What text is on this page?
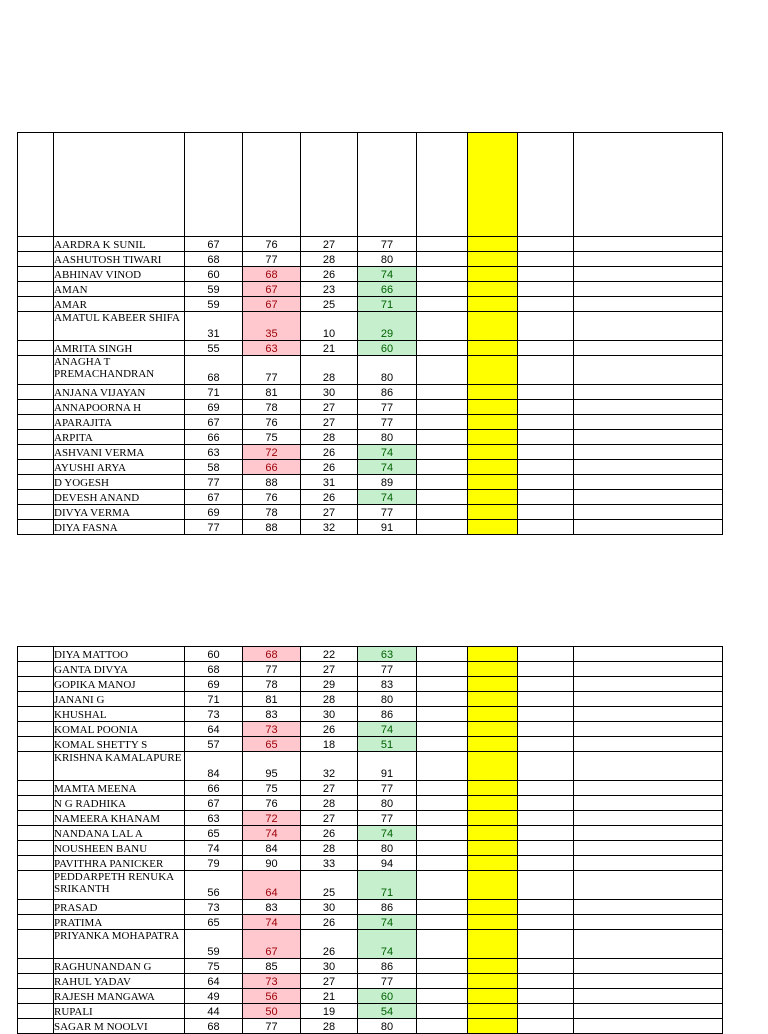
	AARDRA K SUNIL	67	76	27	77				

	AASHUTOSH TIWARI	68	77	28	80				

	ABHINAV VINOD	60	68	26	74				

	AMAN	59	67	23	66				

	AMAR	59	67	25	71				

	AMATUL KABEER SHIFA	31	35	10	29				

	AMRITA SINGH	55	63	21	60				

	ANAGHA T
PREMACHANDRAN	68	77	28	80				

	ANJANA VIJAYAN	71	81	30	86				

	ANNAPOORNA H	69	78	27	77				

	APARAJITA	67	76	27	77				

	ARPITA	66	75	28	80				

	ASHVANI VERMA	63	72	26	74				

	AYUSHI ARYA	58	66	26	74				

	D YOGESH	77	88	31	89				

	DEVESH ANAND	67	76	26	74				

	DIVYA VERMA	69	78	27	77				

	DIYA FASNA	77	88	32	91				

	DIYA MATTOO	60	68	22	63				

	GANTA DIVYA	68	77	27	77				

	GOPIKA MANOJ	69	78	29	83				

	JANANI G	71	81	28	80				

	KHUSHAL	73	83	30	86				

	KOMAL POONIA	64	73	26	74				

	KOMAL SHETTY S	57	65	18	51				

	KRISHNA KAMALAPURE	84	95	32	91				

	MAMTA MEENA	66	75	27	77				

	N G RADHIKA	67	76	28	80				

	NAMEERA KHANAM	63	72	27	77				

	NANDANA LAL A	65	74	26	74				

	NOUSHEEN BANU	74	84	28	80				

	PAVITHRA PANICKER	79	90	33	94				

	PEDDARPETH RENUKA
SRIKANTH	56	64	25	71				

	PRASAD	73	83	30	86				

	PRATIMA	65	74	26	74				

	PRIYANKA MOHAPATRA	59	67	26	74				

	RAGHUNANDAN G	75	85	30	86				

	RAHUL YADAV	64	73	27	77				

	RAJESH MANGAWA	49	56	21	60				

	RUPALI	44	50	19	54				

	SAGAR M NOOLVI	68	77	28	80				
